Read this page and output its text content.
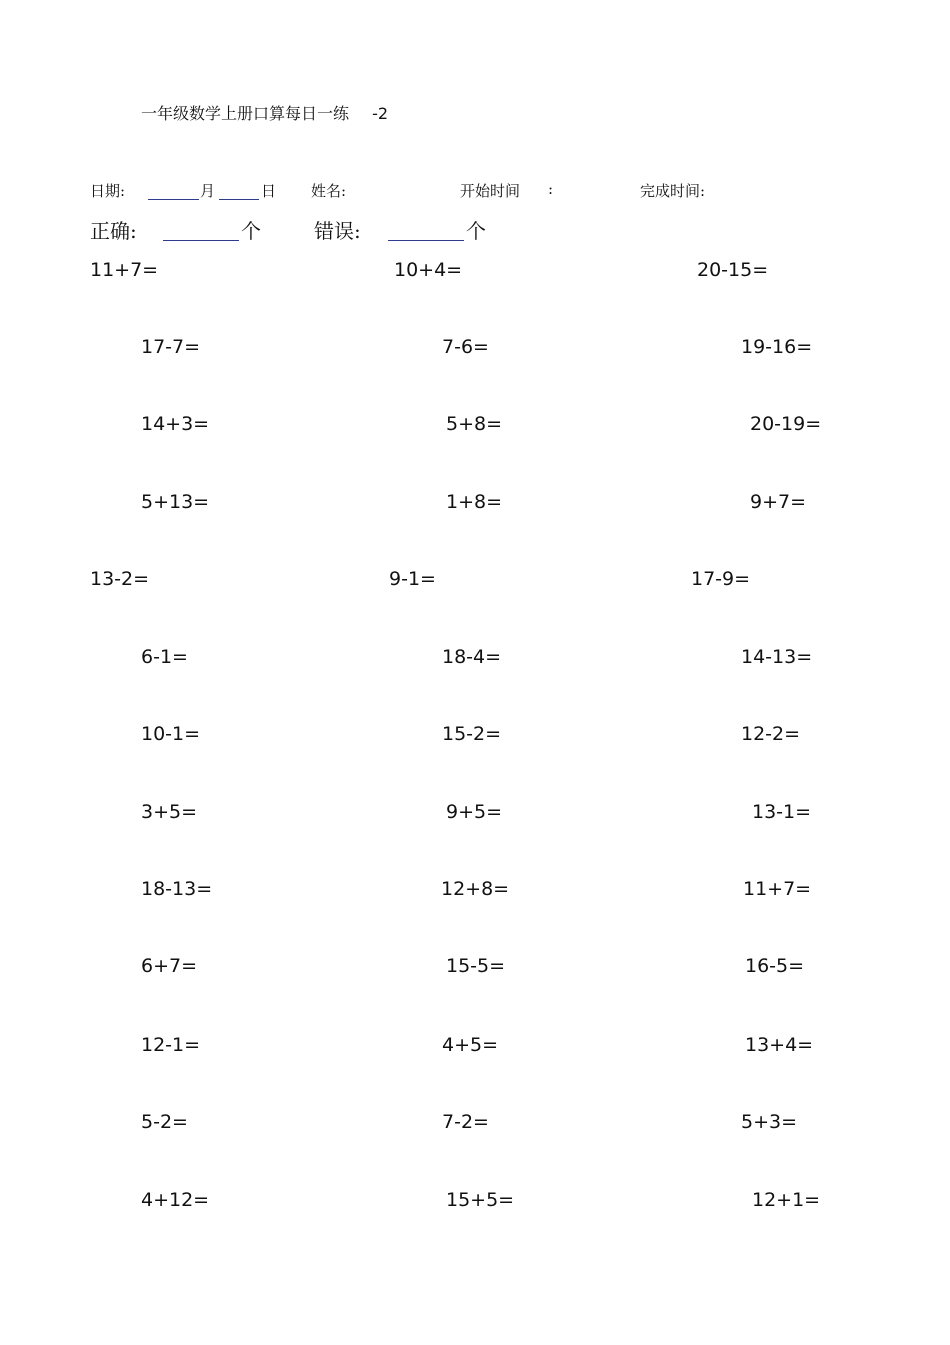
一年级数学上册口算每日一练 -2
日期:	月	日 姓名:	开始时间 :	完成时间:
正确:	个	错误:	个
11+7=	10+4=	20-15=
17-7=	7-6=	19-16=
14+3=	5+8=	20-19=
5+13=	1+8=	9+7=
13-2=	9-1=	17-9=
6-1=	18-4=	14-13=
10-1=	15-2=	12-2=
3+5=	9+5=	13-1=
18-13=	12+8=	11+7=
6+7=	15-5=	16-5=
12-1=	4+5=	13+4=
5-2=	7-2=	5+3=
4+12=	15+5=	12+1=
